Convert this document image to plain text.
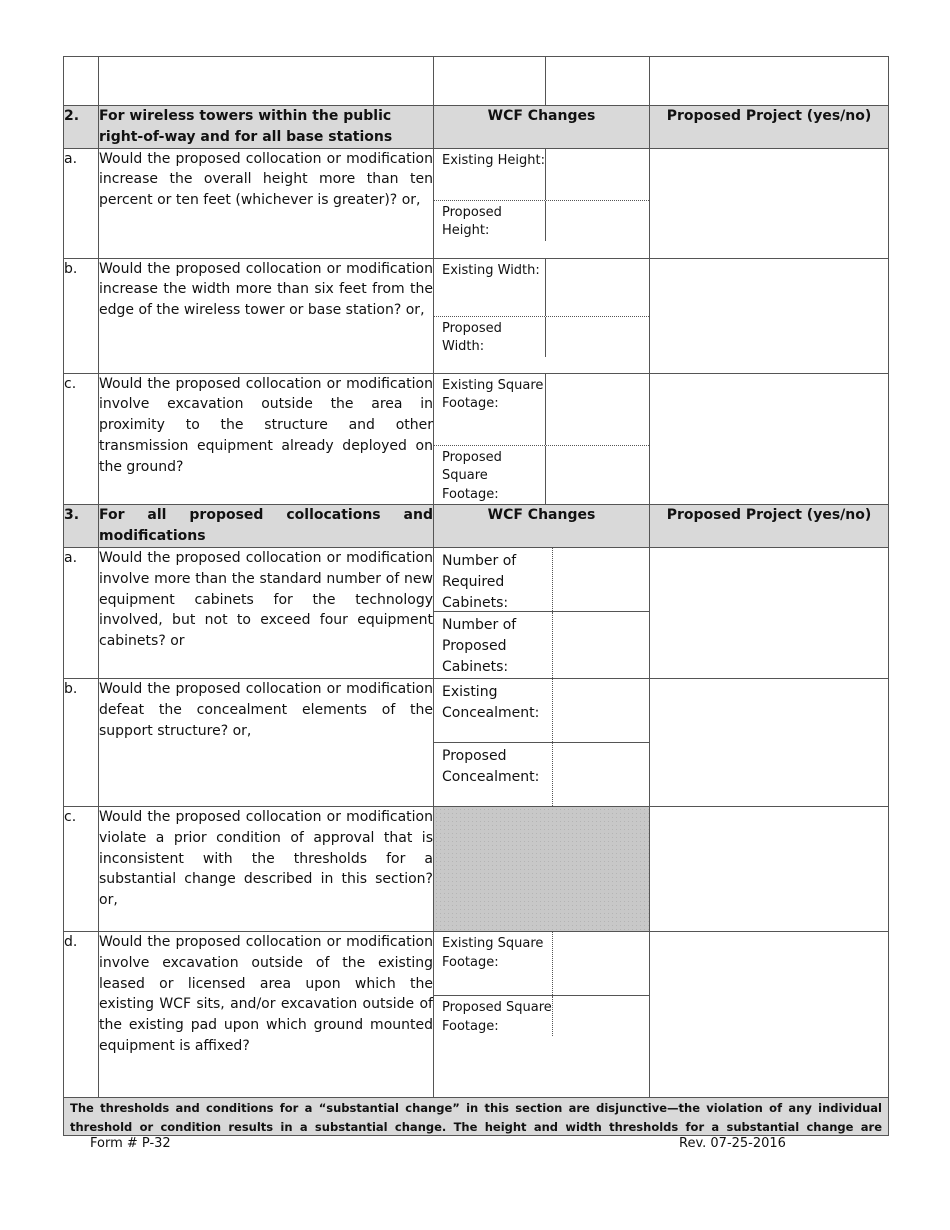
2.	For wireless towers within the public right-of-way and for all base stations	WCF Changes		Proposed Project (yes/no)
a.	Would the proposed collocation or modification increase the overall height more than ten percent or ten feet (whichever is greater)? or,	Existing Height:
Proposed Height:		

b.	Would the proposed collocation or modification increase the width more than six feet from the edge of the wireless tower or base station? or,	Existing Width:
Proposed Width:		

c.	Would the proposed collocation or modification involve excavation outside the area in proximity to the structure and other transmission equipment already deployed on the ground?	Existing Square Footage:
Proposed Square Footage:		

3.	For all proposed collocations and modifications	WCF Changes		Proposed Project (yes/no)
a.	Would the proposed collocation or modification involve more than the standard number of new equipment cabinets for the technology involved, but not to exceed four equipment cabinets? or	Number of Required Cabinets:
Number of Proposed Cabinets:		

b.	Would the proposed collocation or modification defeat the concealment elements of the support structure? or,	Existing Concealment:
Proposed Concealment:		

c.	Would the proposed collocation or modification violate a prior condition of approval that is inconsistent with the thresholds for a substantial change described in this section? or,			
d.	Would the proposed collocation or modification involve excavation outside of the existing leased or licensed area upon which the existing WCF sits, and/or excavation outside of the existing pad upon which ground mounted equipment is affixed?	Existing Square Footage:
Proposed Square Footage:		

The thresholds and conditions for a “substantial change” in this section are disjunctive—the violation of any individual threshold or condition results in a substantial change. The height and width thresholds for a substantial change are				
Form # P-32	Rev. 07-25-2016
